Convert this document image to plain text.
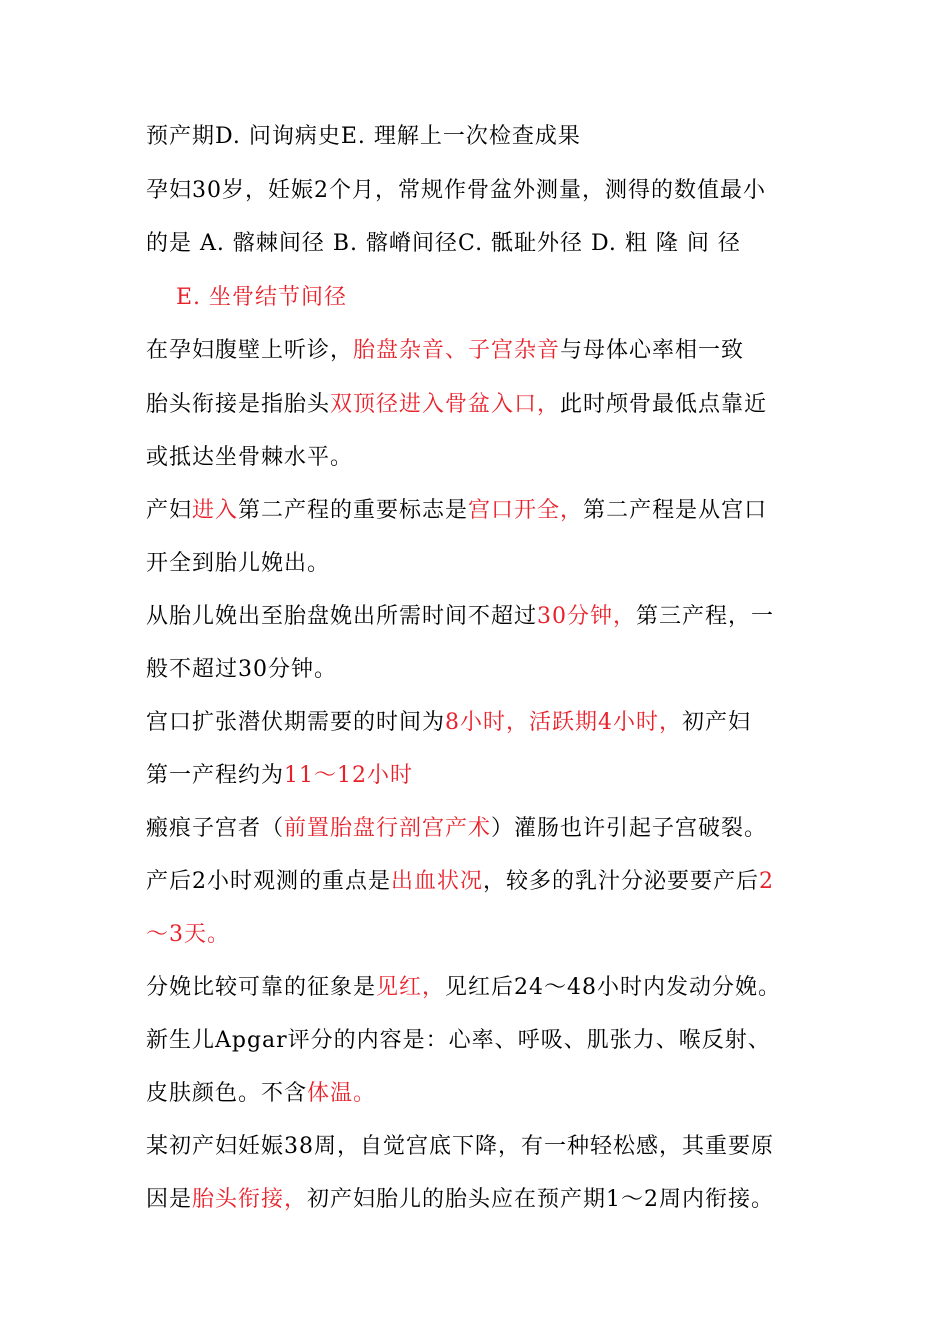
预产期D. 问询病史E. 理解上一次检查成果
孕妇30岁，妊娠2个月，常规作骨盆外测量，测得的数值最小
的是 A. 髂棘间径 B. 髂嵴间径C. 骶耻外径 D. 粗 隆 间 径
E. 坐骨结节间径
在孕妇腹壁上听诊，胎盘杂音、子宫杂音与母体心率相一致
胎头衔接是指胎头双顶径进入骨盆入口，此时颅骨最低点靠近
或抵达坐骨棘水平。
产妇进入第二产程的重要标志是宫口开全，第二产程是从宫口
开全到胎儿娩出。
从胎儿娩出至胎盘娩出所需时间不超过30分钟，第三产程，一
般不超过30分钟。
宫口扩张潜伏期需要的时间为8小时，活跃期4小时，初产妇
第一产程约为11～12小时
瘢痕子宫者（前置胎盘行剖宫产术）灌肠也许引起子宫破裂。
产后2小时观测的重点是出血状况，较多的乳汁分泌要要产后2
～3天。
分娩比较可靠的征象是见红，见红后24～48小时内发动分娩。
新生儿Apgar评分的内容是：心率、呼吸、肌张力、喉反射、
皮肤颜色。不含体温。
某初产妇妊娠38周，自觉宫底下降，有一种轻松感，其重要原
因是胎头衔接，初产妇胎儿的胎头应在预产期1～2周内衔接。
